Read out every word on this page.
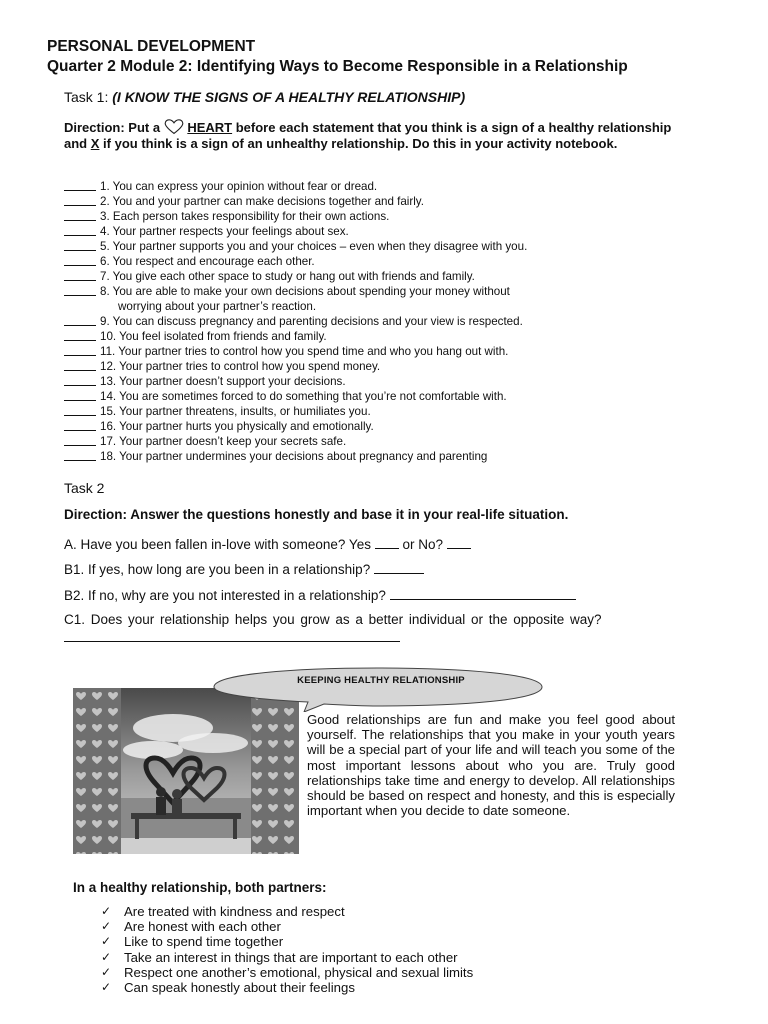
PERSONAL DEVELOPMENT
Quarter 2 Module 2: Identifying Ways to Become Responsible in a Relationship
Task 1: (I KNOW THE SIGNS OF A HEALTHY RELATIONSHIP)
Direction: Put a HEART before each statement that you think is a sign of a healthy relationship and X if you think is a sign of an unhealthy relationship. Do this in your activity notebook.
1. You can express your opinion without fear or dread.
2. You and your partner can make decisions together and fairly.
3. Each person takes responsibility for their own actions.
4. Your partner respects your feelings about sex.
5. Your partner supports you and your choices – even when they disagree with you.
6. You respect and encourage each other.
7. You give each other space to study or hang out with friends and family.
8. You are able to make your own decisions about spending your money without
worrying about your partner’s reaction.
9. You can discuss pregnancy and parenting decisions and your view is respected.
10. You feel isolated from friends and family.
11. Your partner tries to control how you spend time and who you hang out with.
12. Your partner tries to control how you spend money.
13. Your partner doesn’t support your decisions.
14. You are sometimes forced to do something that you’re not comfortable with.
15. Your partner threatens, insults, or humiliates you.
16. Your partner hurts you physically and emotionally.
17. Your partner doesn’t keep your secrets safe.
18. Your partner undermines your decisions about pregnancy and parenting
Task 2
Direction: Answer the questions honestly and base it in your real-life situation.
A. Have you been fallen in-love with someone? Yes or No?
B1. If yes, how long are you been in a relationship?
B2. If no, why are you not interested in a relationship?
C1. Does your relationship helps you grow as a better individual or the opposite way?
KEEPING HEALTHY RELATIONSHIP
Good relationships are fun and make you feel good about yourself. The relationships that you make in your youth years will be a special part of your life and will teach you some of the most important lessons about who you are. Truly good relationships take time and energy to develop. All relationships should be based on respect and honesty, and this is especially important when you decide to date someone.
In a healthy relationship, both partners:
✓ Are treated with kindness and respect
✓ Are honest with each other
✓ Like to spend time together
✓ Take an interest in things that are important to each other
✓ Respect one another’s emotional, physical and sexual limits
✓ Can speak honestly about their feelings
